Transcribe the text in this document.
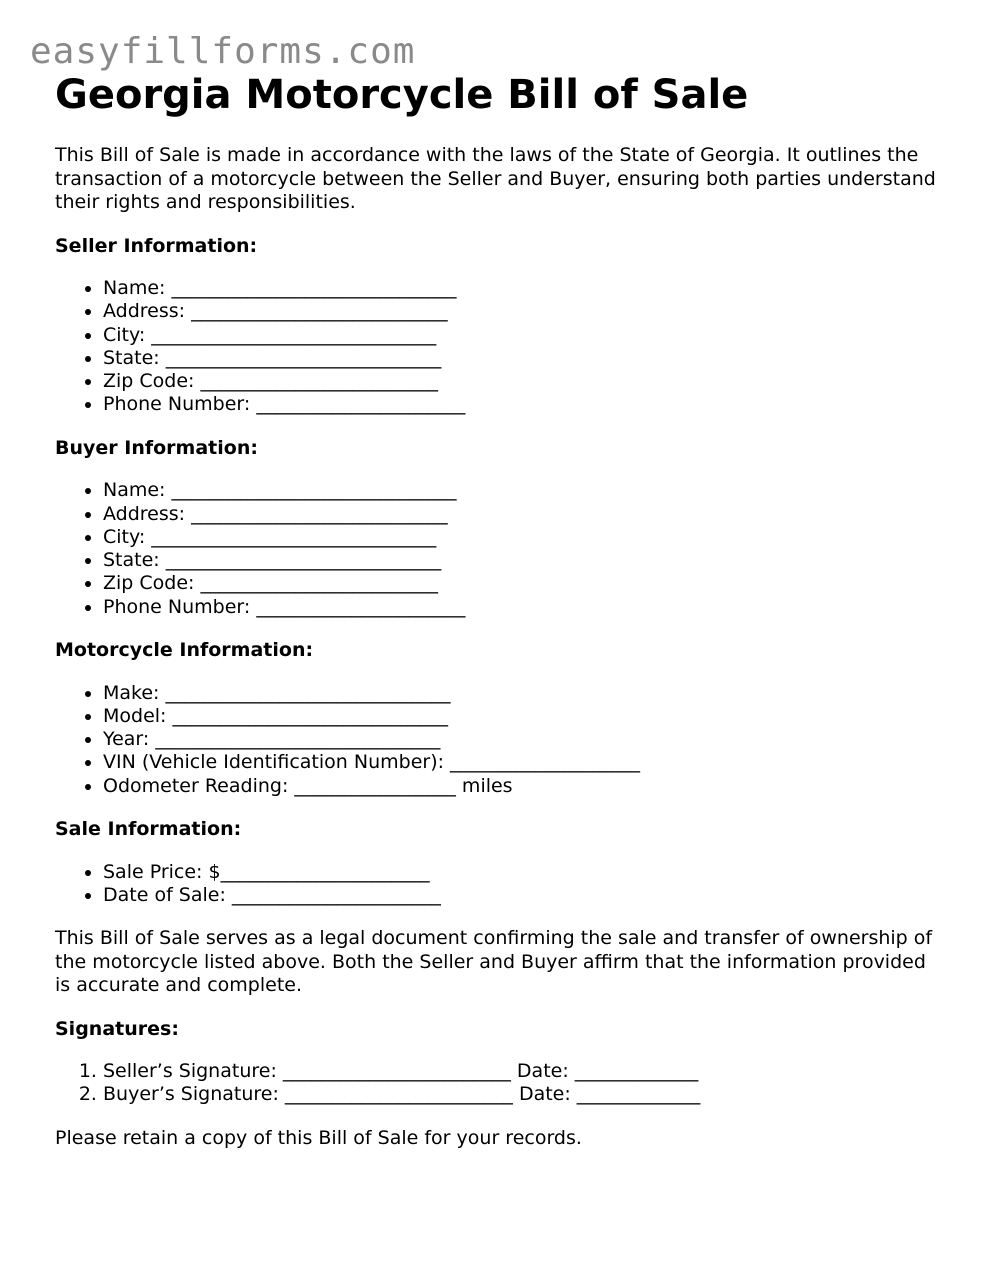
easyfillforms.com
Georgia Motorcycle Bill of Sale

This Bill of Sale is made in accordance with the laws of the State of Georgia. It outlines the transaction of a motorcycle between the Seller and Buyer, ensuring both parties understand their rights and responsibilities.

Seller Information:
• Name: ______________________________
• Address: ___________________________
• City: ______________________________
• State: _____________________________
• Zip Code: _________________________
• Phone Number: ______________________
Buyer Information:
• Name: ______________________________
• Address: ___________________________
• City: ______________________________
• State: _____________________________
• Zip Code: _________________________
• Phone Number: ______________________
Motorcycle Information:
• Make: ______________________________
• Model: _____________________________
• Year: ______________________________
• VIN (Vehicle Identification Number): ____________________
• Odometer Reading: _________________ miles
Sale Information:
• Sale Price: $______________________
• Date of Sale: ______________________

This Bill of Sale serves as a legal document confirming the sale and transfer of ownership of the motorcycle listed above. Both the Seller and Buyer affirm that the information provided is accurate and complete.

Signatures:
1. Seller’s Signature: ________________________ Date: _____________
2. Buyer’s Signature: ________________________ Date: _____________

Please retain a copy of this Bill of Sale for your records.
